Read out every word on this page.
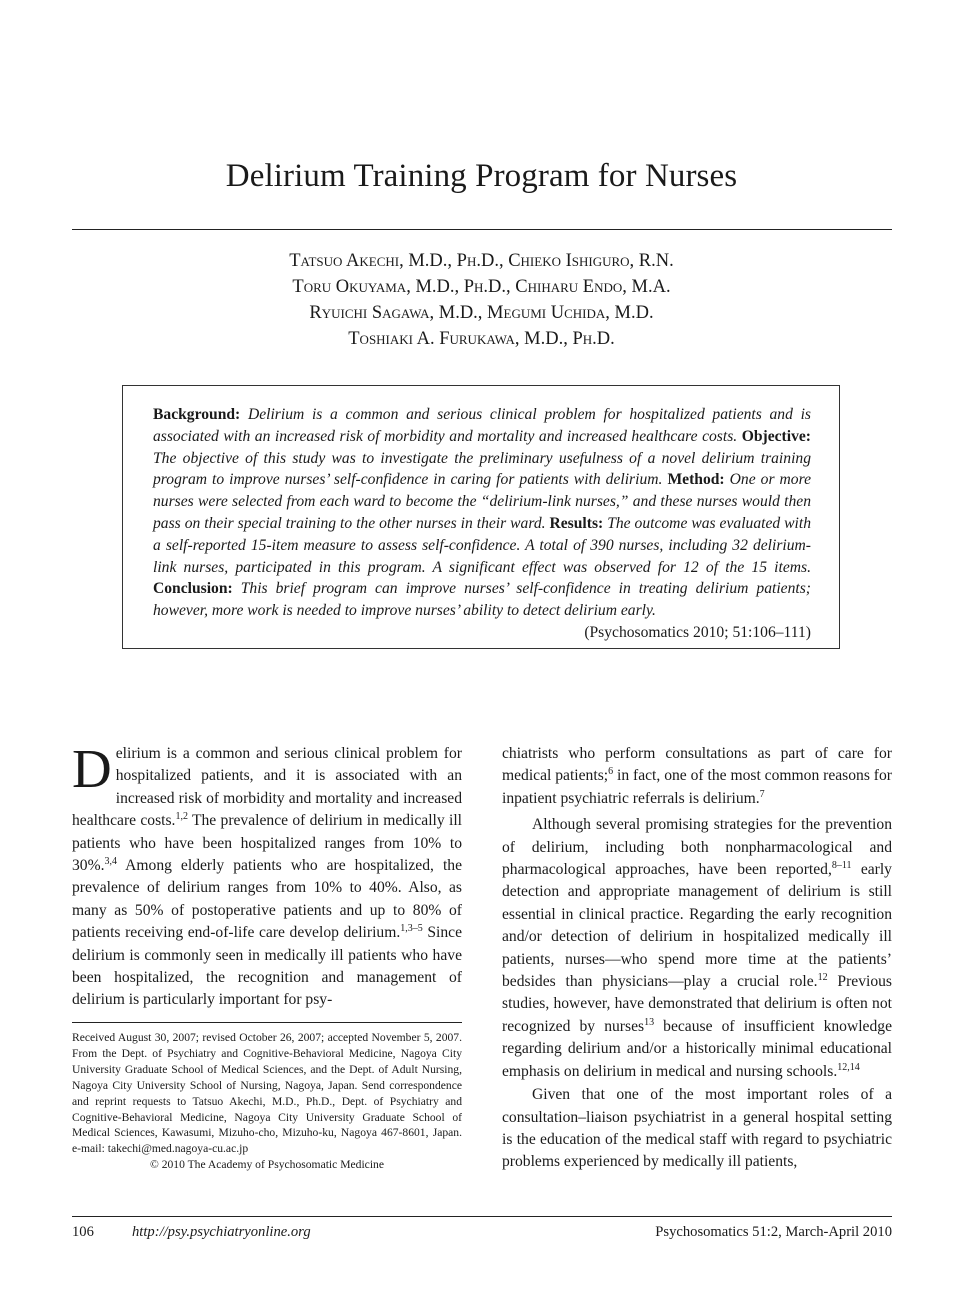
Delirium Training Program for Nurses
Tatsuo Akechi, M.D., Ph.D., Chieko Ishiguro, R.N.
Toru Okuyama, M.D., Ph.D., Chiharu Endo, M.A.
Ryuichi Sagawa, M.D., Megumi Uchida, M.D.
Toshiaki A. Furukawa, M.D., Ph.D.
Background: Delirium is a common and serious clinical problem for hospitalized patients and is associated with an increased risk of morbidity and mortality and increased healthcare costs. Objective: The objective of this study was to investigate the preliminary usefulness of a novel delirium training program to improve nurses’ self-confidence in caring for patients with delirium. Method: One or more nurses were selected from each ward to become the “delirium-link nurses,” and these nurses would then pass on their special training to the other nurses in their ward. Results: The outcome was evaluated with a self-reported 15-item measure to assess self-confidence. A total of 390 nurses, including 32 delirium-link nurses, participated in this program. A significant effect was observed for 12 of the 15 items. Conclusion: This brief program can improve nurses’ self-confidence in treating delirium patients; however, more work is needed to improve nurses’ ability to detect delirium early.
(Psychosomatics 2010; 51:106–111)

Delirium is a common and serious clinical problem for hospitalized patients, and it is associated with an increased risk of morbidity and mortality and increased healthcare costs.$^{1,2}$ The prevalence of delirium in medically ill patients who have been hospitalized ranges from 10% to 30%.$^{3,4}$ Among elderly patients who are hospitalized, the prevalence of delirium ranges from 10% to 40%. Also, as many as 50% of postoperative patients and up to 80% of patients receiving end-of-life care develop delirium.$^{1,3-5}$ Since delirium is commonly seen in medically ill patients who have been hospitalized, the recognition and management of delirium is particularly important for psy-

Received August 30, 2007; revised October 26, 2007; accepted November 5, 2007. From the Dept. of Psychiatry and Cognitive-Behavioral Medicine, Nagoya City University Graduate School of Medical Sciences, and the Dept. of Adult Nursing, Nagoya City University School of Nursing, Nagoya, Japan. Send correspondence and reprint requests to Tatsuo Akechi, M.D., Ph.D., Dept. of Psychiatry and Cognitive-Behavioral Medicine, Nagoya City University Graduate School of Medical Sciences, Kawasumi, Mizuho-cho, Mizuho-ku, Nagoya 467-8601, Japan. e-mail: takechi@med.nagoya-cu.ac.jp
© 2010 The Academy of Psychosomatic Medicine

chiatrists who perform consultations as part of care for medical patients;$^6$ in fact, one of the most common reasons for inpatient psychiatric referrals is delirium.$^7$

Although several promising strategies for the prevention of delirium, including both nonpharmacological and pharmacological approaches, have been reported,$^{8-11}$ early detection and appropriate management of delirium is still essential in clinical practice. Regarding the early recognition and/or detection of delirium in hospitalized medically ill patients, nurses—who spend more time at the patients’ bedsides than physicians—play a crucial role.$^{12}$ Previous studies, however, have demonstrated that delirium is often not recognized by nurses$^{13}$ because of insufficient knowledge regarding delirium and/or a historically minimal educational emphasis on delirium in medical and nursing schools.$^{12,14}$

Given that one of the most important roles of a consultation–liaison psychiatrist in a general hospital setting is the education of the medical staff with regard to psychiatric problems experienced by medically ill patients,

106	http://psy.psychiatryonline.org	Psychosomatics 51:2, March-April 2010
